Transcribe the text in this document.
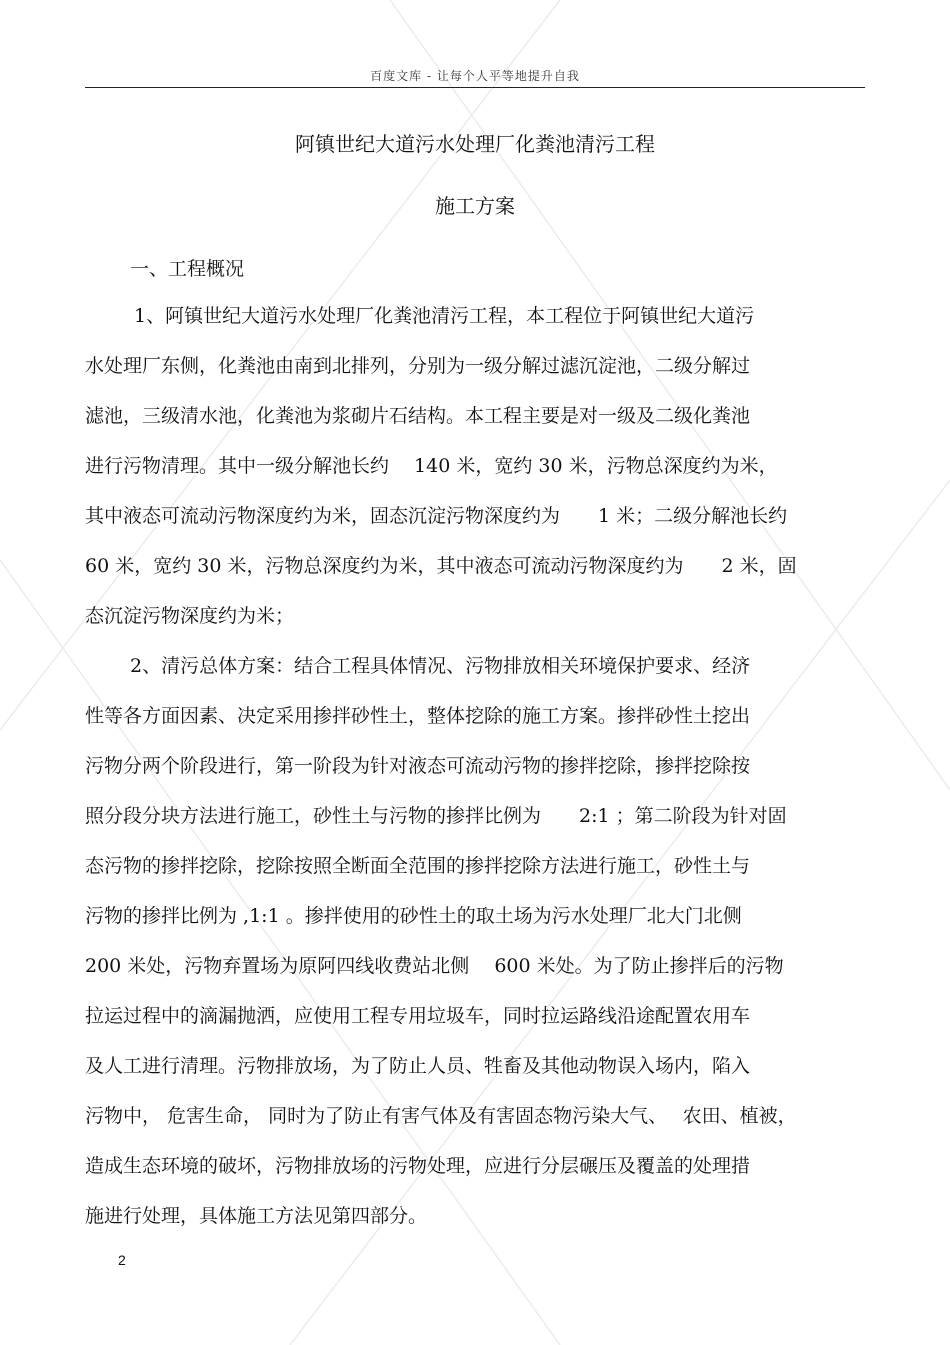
百度文库 - 让每个人平等地提升自我
阿镇世纪大道污水处理厂化粪池清污工程
施工方案
一、工程概况
1、阿镇世纪大道污水处理厂化粪池清污工程，本工程位于阿镇世纪大道污
水处理厂东侧，化粪池由南到北排列，分别为一级分解过滤沉淀池，二级分解过
滤池，三级清水池，化粪池为浆砌片石结构。本工程主要是对一级及二级化粪池
进行污物清理。其中一级分解池长约　 140 米，宽约 30 米，污物总深度约为米，
其中液态可流动污物深度约为米，固态沉淀污物深度约为　　1 米；二级分解池长约
60 米，宽约 30 米，污物总深度约为米，其中液态可流动污物深度约为　　2 米，固
态沉淀污物深度约为米；
2、清污总体方案：结合工程具体情况、污物排放相关环境保护要求、经济
性等各方面因素、决定采用掺拌砂性土，整体挖除的施工方案。掺拌砂性土挖出
污物分两个阶段进行，第一阶段为针对液态可流动污物的掺拌挖除，掺拌挖除按
照分段分块方法进行施工，砂性土与污物的掺拌比例为　　2:1 ；第二阶段为针对固
态污物的掺拌挖除，挖除按照全断面全范围的掺拌挖除方法进行施工，砂性土与
污物的掺拌比例为 ,1:1 。掺拌使用的砂性土的取土场为污水处理厂北大门北侧
200 米处，污物弃置场为原阿四线收费站北侧　 600 米处。为了防止掺拌后的污物
拉运过程中的滴漏抛洒，应使用工程专用垃圾车，同时拉运路线沿途配置农用车
及人工进行清理。污物排放场，为了防止人员、牲畜及其他动物误入场内，陷入
污物中， 危害生命， 同时为了防止有害气体及有害固态物污染大气、　 农田、植被，
造成生态环境的破坏，污物排放场的污物处理，应进行分层碾压及覆盖的处理措
施进行处理，具体施工方法见第四部分。
2
